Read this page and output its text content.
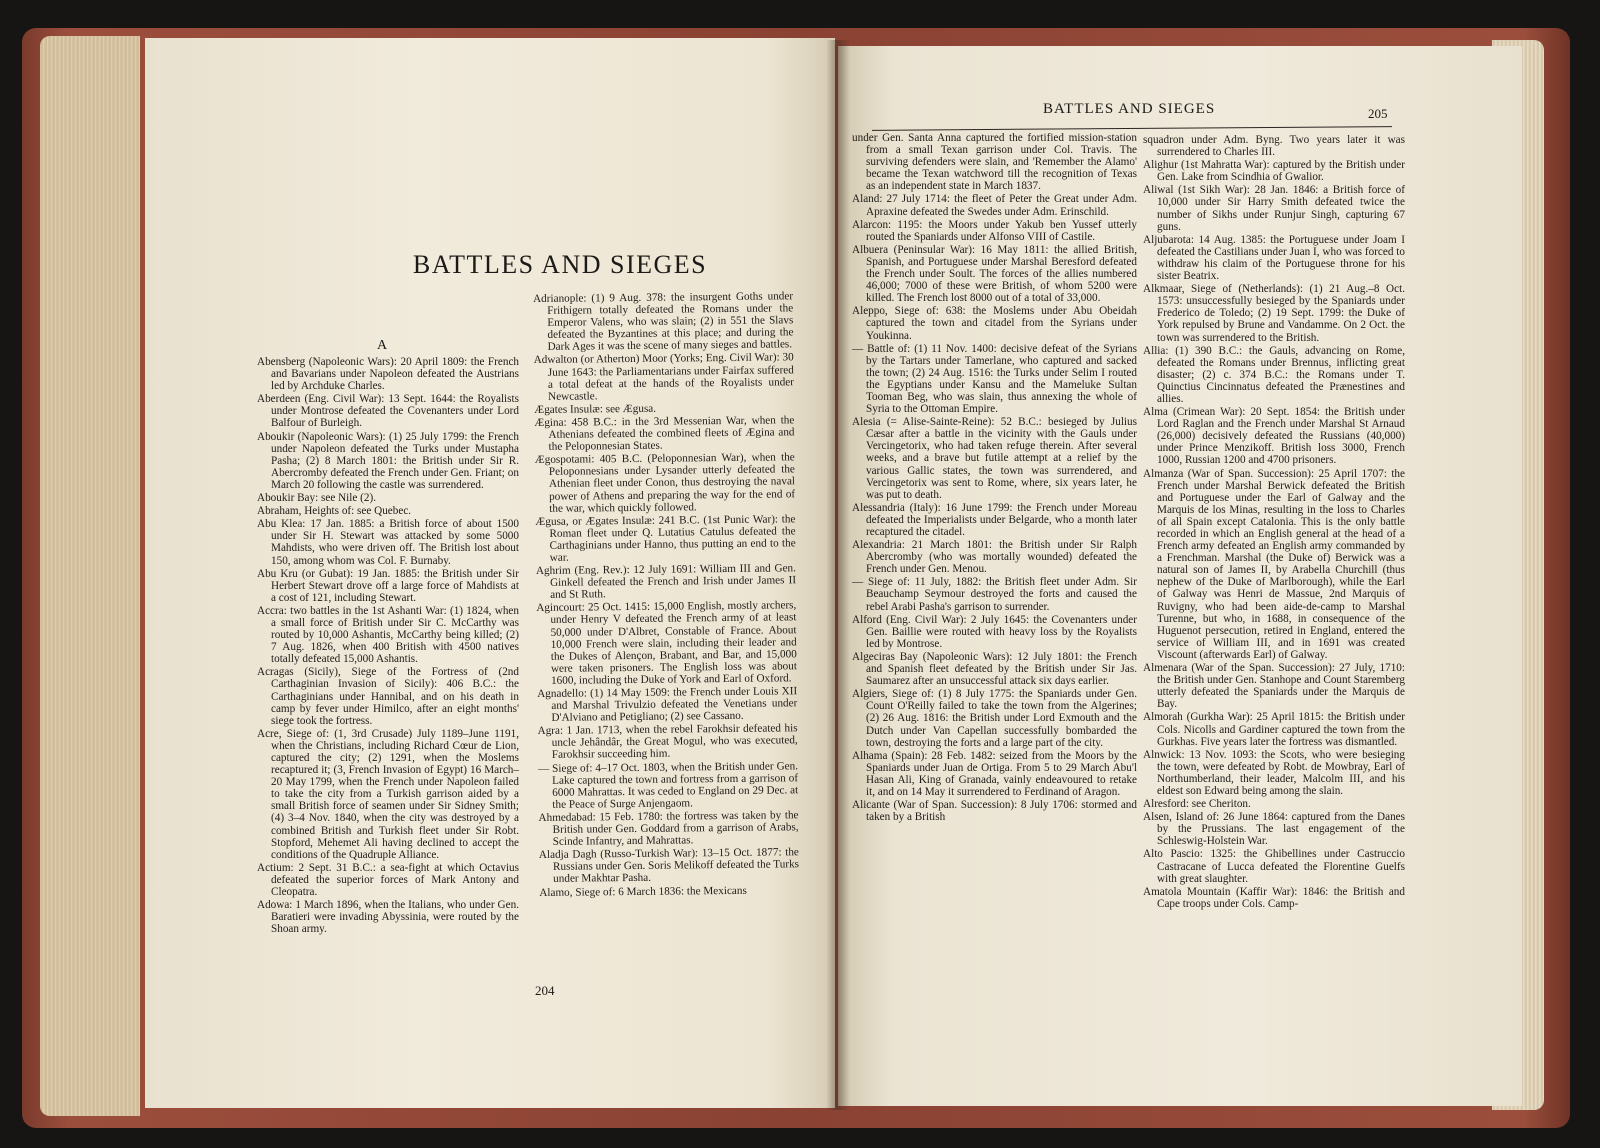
BATTLES AND SIEGES
A
Abensberg (Napoleonic Wars): 20 April 1809: the French and Bavarians under Napoleon defeated the Austrians led by Archduke Charles.
Aberdeen (Eng. Civil War): 13 Sept. 1644: the Royalists under Montrose defeated the Covenanters under Lord Balfour of Burleigh.
Aboukir (Napoleonic Wars): (1) 25 July 1799: the French under Napoleon defeated the Turks under Mustapha Pasha; (2) 8 March 1801: the British under Sir R. Abercromby defeated the French under Gen. Friant; on March 20 following the castle was surrendered.
Aboukir Bay: see Nile (2).
Abraham, Heights of: see Quebec.
Abu Klea: 17 Jan. 1885: a British force of about 1500 under Sir H. Stewart was attacked by some 5000 Mahdists, who were driven off. The British lost about 150, among whom was Col. F. Burnaby.
Abu Kru (or Gubat): 19 Jan. 1885: the British under Sir Herbert Stewart drove off a large force of Mahdists at a cost of 121, including Stewart.
Accra: two battles in the 1st Ashanti War: (1) 1824, when a small force of British under Sir C. McCarthy was routed by 10,000 Ashantis, McCarthy being killed; (2) 7 Aug. 1826, when 400 British with 4500 natives totally defeated 15,000 Ashantis.
Acragas (Sicily), Siege of the Fortress of (2nd Carthaginian Invasion of Sicily): 406 B.C.: the Carthaginians under Hannibal, and on his death in camp by fever under Himilco, after an eight months' siege took the fortress.
Acre, Siege of: (1, 3rd Crusade) July 1189–June 1191, when the Christians, including Richard Cœur de Lion, captured the city; (2) 1291, when the Moslems recaptured it; (3, French Invasion of Egypt) 16 March–20 May 1799, when the French under Napoleon failed to take the city from a Turkish garrison aided by a small British force of seamen under Sir Sidney Smith; (4) 3–4 Nov. 1840, when the city was destroyed by a combined British and Turkish fleet under Sir Robt. Stopford, Mehemet Ali having declined to accept the conditions of the Quadruple Alliance.
Actium: 2 Sept. 31 B.C.: a sea-fight at which Octavius defeated the superior forces of Mark Antony and Cleopatra.
Adowa: 1 March 1896, when the Italians, who under Gen. Baratieri were invading Abyssinia, were routed by the Shoan army.
Adrianople: (1) 9 Aug. 378: the insurgent Goths under Frithigern totally defeated the Romans under the Emperor Valens, who was slain; (2) in 551 the Slavs defeated the Byzantines at this place; and during the Dark Ages it was the scene of many sieges and battles.
Adwalton (or Atherton) Moor (Yorks; Eng. Civil War): 30 June 1643: the Parliamentarians under Fairfax suffered a total defeat at the hands of the Royalists under Newcastle.
Ægates Insulæ: see Ægusa.
Ægina: 458 B.C.: in the 3rd Messenian War, when the Athenians defeated the combined fleets of Ægina and the Peloponnesian States.
Ægospotami: 405 B.C. (Peloponnesian War), when the Peloponnesians under Lysander utterly defeated the Athenian fleet under Conon, thus destroying the naval power of Athens and preparing the way for the end of the war, which quickly followed.
Ægusa, or Ægates Insulæ: 241 B.C. (1st Punic War): the Roman fleet under Q. Lutatius Catulus defeated the Carthaginians under Hanno, thus putting an end to the war.
Aghrim (Eng. Rev.): 12 July 1691: William III and Gen. Ginkell defeated the French and Irish under James II and St Ruth.
Agincourt: 25 Oct. 1415: 15,000 English, mostly archers, under Henry V defeated the French army of at least 50,000 under D'Albret, Constable of France. About 10,000 French were slain, including their leader and the Dukes of Alençon, Brabant, and Bar, and 15,000 were taken prisoners. The English loss was about 1600, including the Duke of York and Earl of Oxford.
Agnadello: (1) 14 May 1509: the French under Louis XII and Marshal Trivulzio defeated the Venetians under D'Alviano and Petigliano; (2) see Cassano.
Agra: 1 Jan. 1713, when the rebel Farokhsir defeated his uncle Jehândâr, the Great Mogul, who was executed, Farokhsir succeeding him.
— Siege of: 4–17 Oct. 1803, when the British under Gen. Lake captured the town and fortress from a garrison of 6000 Mahrattas. It was ceded to England on 29 Dec. at the Peace of Surge Anjengaom.
Ahmedabad: 15 Feb. 1780: the fortress was taken by the British under Gen. Goddard from a garrison of Arabs, Scinde Infantry, and Mahrattas.
Aladja Dagh (Russo-Turkish War): 13–15 Oct. 1877: the Russians under Gen. Soris Melikoff defeated the Turks under Makhtar Pasha.
Alamo, Siege of: 6 March 1836: the Mexicans
204
BATTLES AND SIEGES	205
under Gen. Santa Anna captured the fortified mission-station from a small Texan garrison under Col. Travis. The surviving defenders were slain, and 'Remember the Alamo' became the Texan watchword till the recognition of Texas as an independent state in March 1837.
Aland: 27 July 1714: the fleet of Peter the Great under Adm. Apraxine defeated the Swedes under Adm. Erinschild.
Alarcon: 1195: the Moors under Yakub ben Yussef utterly routed the Spaniards under Alfonso VIII of Castile.
Albuera (Peninsular War): 16 May 1811: the allied British, Spanish, and Portuguese under Marshal Beresford defeated the French under Soult. The forces of the allies numbered 46,000; 7000 of these were British, of whom 5200 were killed. The French lost 8000 out of a total of 33,000.
Aleppo, Siege of: 638: the Moslems under Abu Obeidah captured the town and citadel from the Syrians under Youkinna.
— Battle of: (1) 11 Nov. 1400: decisive defeat of the Syrians by the Tartars under Tamerlane, who captured and sacked the town; (2) 24 Aug. 1516: the Turks under Selim I routed the Egyptians under Kansu and the Mameluke Sultan Tooman Beg, who was slain, thus annexing the whole of Syria to the Ottoman Empire.
Alesia (= Alise-Sainte-Reine): 52 B.C.: besieged by Julius Cæsar after a battle in the vicinity with the Gauls under Vercingetorix, who had taken refuge therein. After several weeks, and a brave but futile attempt at a relief by the various Gallic states, the town was surrendered, and Vercingetorix was sent to Rome, where, six years later, he was put to death.
Alessandria (Italy): 16 June 1799: the French under Moreau defeated the Imperialists under Belgarde, who a month later recaptured the citadel.
Alexandria: 21 March 1801: the British under Sir Ralph Abercromby (who was mortally wounded) defeated the French under Gen. Menou.
— Siege of: 11 July, 1882: the British fleet under Adm. Sir Beauchamp Seymour destroyed the forts and caused the rebel Arabi Pasha's garrison to surrender.
Alford (Eng. Civil War): 2 July 1645: the Covenanters under Gen. Baillie were routed with heavy loss by the Royalists led by Montrose.
Algeciras Bay (Napoleonic Wars): 12 July 1801: the French and Spanish fleet defeated by the British under Sir Jas. Saumarez after an unsuccessful attack six days earlier.
Algiers, Siege of: (1) 8 July 1775: the Spaniards under Gen. Count O'Reilly failed to take the town from the Algerines; (2) 26 Aug. 1816: the British under Lord Exmouth and the Dutch under Van Capellan successfully bombarded the town, destroying the forts and a large part of the city.
Alhama (Spain): 28 Feb. 1482: seized from the Moors by the Spaniards under Juan de Ortiga. From 5 to 29 March Abu'l Hasan Ali, King of Granada, vainly endeavoured to retake it, and on 14 May it surrendered to Ferdinand of Aragon.
Alicante (War of Span. Succession): 8 July 1706: stormed and taken by a British
squadron under Adm. Byng. Two years later it was surrendered to Charles III.
Alighur (1st Mahratta War): captured by the British under Gen. Lake from Scindhia of Gwalior.
Aliwal (1st Sikh War): 28 Jan. 1846: a British force of 10,000 under Sir Harry Smith defeated twice the number of Sikhs under Runjur Singh, capturing 67 guns.
Aljubarota: 14 Aug. 1385: the Portuguese under Joam I defeated the Castilians under Juan I, who was forced to withdraw his claim of the Portuguese throne for his sister Beatrix.
Alkmaar, Siege of (Netherlands): (1) 21 Aug.–8 Oct. 1573: unsuccessfully besieged by the Spaniards under Frederico de Toledo; (2) 19 Sept. 1799: the Duke of York repulsed by Brune and Vandamme. On 2 Oct. the town was surrendered to the British.
Allia: (1) 390 B.C.: the Gauls, advancing on Rome, defeated the Romans under Brennus, inflicting great disaster; (2) c. 374 B.C.: the Romans under T. Quinctius Cincinnatus defeated the Prænestines and allies.
Alma (Crimean War): 20 Sept. 1854: the British under Lord Raglan and the French under Marshal St Arnaud (26,000) decisively defeated the Russians (40,000) under Prince Menzikoff. British loss 3000, French 1000, Russian 1200 and 4700 prisoners.
Almanza (War of Span. Succession): 25 April 1707: the French under Marshal Berwick defeated the British and Portuguese under the Earl of Galway and the Marquis de los Minas, resulting in the loss to Charles of all Spain except Catalonia. This is the only battle recorded in which an English general at the head of a French army defeated an English army commanded by a Frenchman. Marshal (the Duke of) Berwick was a natural son of James II, by Arabella Churchill (thus nephew of the Duke of Marlborough), while the Earl of Galway was Henri de Massue, 2nd Marquis of Ruvigny, who had been aide-de-camp to Marshal Turenne, but who, in 1688, in consequence of the Huguenot persecution, retired in England, entered the service of William III, and in 1691 was created Viscount (afterwards Earl) of Galway.
Almenara (War of the Span. Succession): 27 July, 1710: the British under Gen. Stanhope and Count Staremberg utterly defeated the Spaniards under the Marquis de Bay.
Almorah (Gurkha War): 25 April 1815: the British under Cols. Nicolls and Gardiner captured the town from the Gurkhas. Five years later the fortress was dismantled.
Alnwick: 13 Nov. 1093: the Scots, who were besieging the town, were defeated by Robt. de Mowbray, Earl of Northumberland, their leader, Malcolm III, and his eldest son Edward being among the slain.
Alresford: see Cheriton.
Alsen, Island of: 26 June 1864: captured from the Danes by the Prussians. The last engagement of the Schleswig-Holstein War.
Alto Pascio: 1325: the Ghibellines under Castruccio Castracane of Lucca defeated the Florentine Guelfs with great slaughter.
Amatola Mountain (Kaffir War): 1846: the British and Cape troops under Cols. Camp-
